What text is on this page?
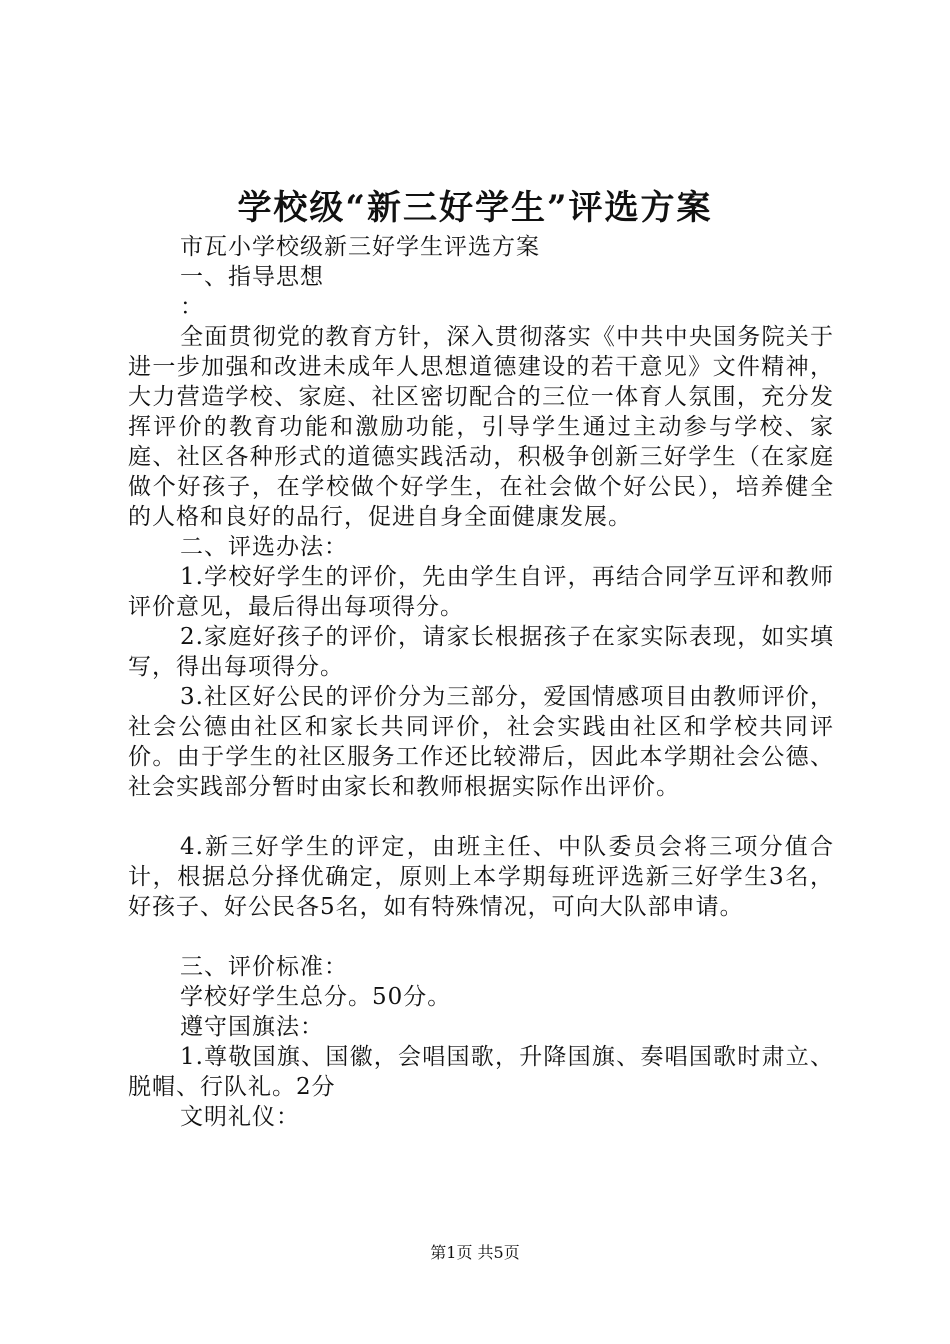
学校级“新三好学生”评选方案

市瓦小学校级新三好学生评选方案

一、指导思想

：

全面贯彻党的教育方针，深入贯彻落实《中共中央国务院关于进一步加强和改进未成年人思想道德建设的若干意见》文件精神，大力营造学校、家庭、社区密切配合的三位一体育人氛围，充分发挥评价的教育功能和激励功能，引导学生通过主动参与学校、家庭、社区各种形式的道德实践活动，积极争创新三好学生（在家庭做个好孩子，在学校做个好学生，在社会做个好公民），培养健全的人格和良好的品行，促进自身全面健康发展。

二、评选办法：

1.学校好学生的评价，先由学生自评，再结合同学互评和教师评价意见，最后得出每项得分。

2.家庭好孩子的评价，请家长根据孩子在家实际表现，如实填写，得出每项得分。

3.社区好公民的评价分为三部分，爱国情感项目由教师评价，社会公德由社区和家长共同评价，社会实践由社区和学校共同评价。由于学生的社区服务工作还比较滞后，因此本学期社会公德、社会实践部分暂时由家长和教师根据实际作出评价。

4.新三好学生的评定，由班主任、中队委员会将三项分值合计，根据总分择优确定，原则上本学期每班评选新三好学生3名，好孩子、好公民各5名，如有特殊情况，可向大队部申请。

三、评价标准：

学校好学生总分。50分。

遵守国旗法：

1.尊敬国旗、国徽，会唱国歌，升降国旗、奏唱国歌时肃立、脱帽、行队礼。2分

文明礼仪：

第1页 共5页
